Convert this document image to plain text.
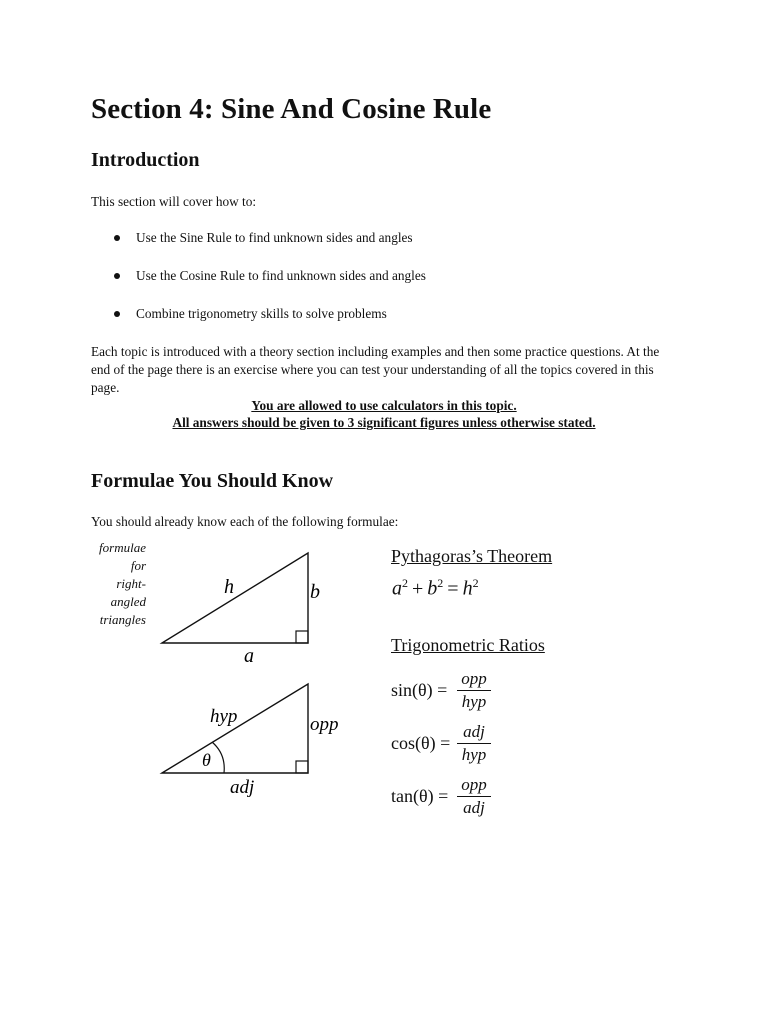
Section 4: Sine And Cosine Rule
Introduction

This section will cover how to:

Use the Sine Rule to find unknown sides and angles
Use the Cosine Rule to find unknown sides and angles
Combine trigonometry skills to solve problems

Each topic is introduced with a theory section including examples and then some practice questions. At the end of the page there is an exercise where you can test your understanding of all the topics covered in this page.

You are allowed to use calculators in this topic.

All answers should be given to 3 significant figures unless otherwise stated.

Formulae You Should Know

You should already know each of the following formulae:

formulae for right-angled triangles

h	b
a
hyp	opp
adj
θ

Pythagoras’s Theorem

$a^2 + b^2 = h^2$

Trigonometric Ratios

sin(θ) =
opp
hyp
cos(θ) =
adj
hyp
tan(θ) =
opp
adj
